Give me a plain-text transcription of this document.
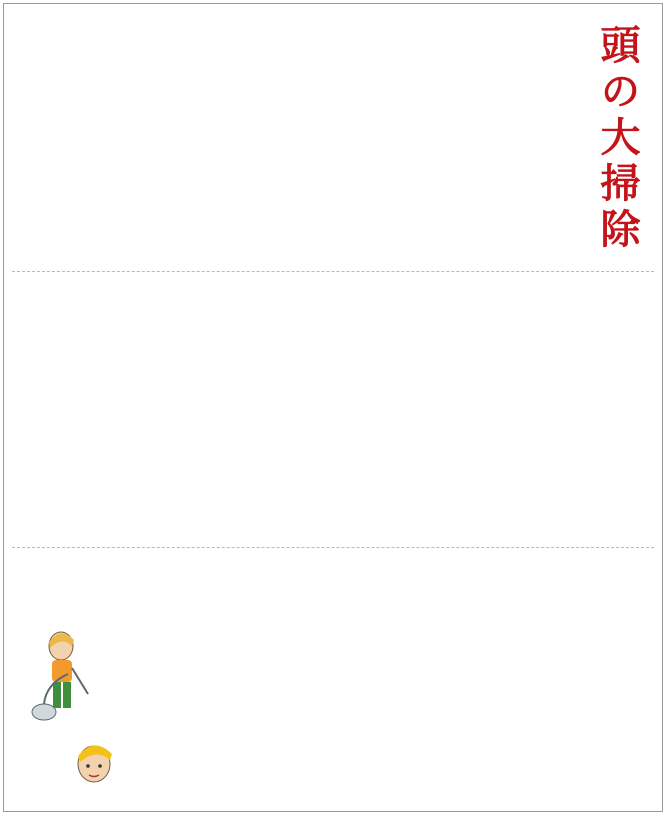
頭の大掃除
